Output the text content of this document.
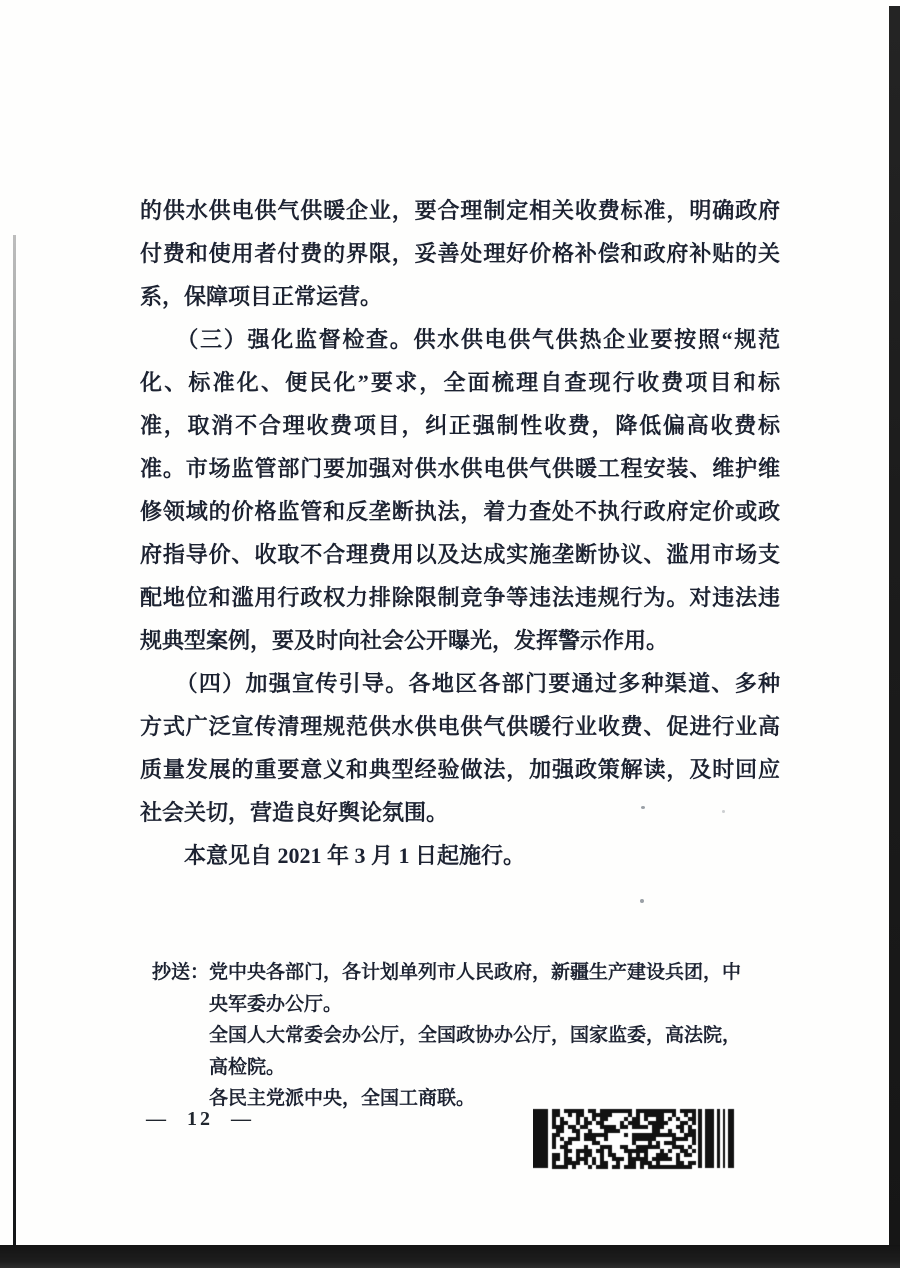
的供水供电供气供暖企业，要合理制定相关收费标准，明确政府
付费和使用者付费的界限，妥善处理好价格补偿和政府补贴的关
系，保障项目正常运营。
　　（三）强化监督检查。供水供电供气供热企业要按照“规范
化、标准化、便民化”要求，全面梳理自查现行收费项目和标
准，取消不合理收费项目，纠正强制性收费，降低偏高收费标
准。市场监管部门要加强对供水供电供气供暖工程安装、维护维
修领域的价格监管和反垄断执法，着力查处不执行政府定价或政
府指导价、收取不合理费用以及达成实施垄断协议、滥用市场支
配地位和滥用行政权力排除限制竞争等违法违规行为。对违法违
规典型案例，要及时向社会公开曝光，发挥警示作用。
　　（四）加强宣传引导。各地区各部门要通过多种渠道、多种
方式广泛宣传清理规范供水供电供气供暖行业收费、促进行业高
质量发展的重要意义和典型经验做法，加强政策解读，及时回应
社会关切，营造良好舆论氛围。
　　本意见自 2021 年 3 月 1 日起施行。
抄送：党中央各部门，各计划单列市人民政府，新疆生产建设兵团，中
央军委办公厅。
全国人大常委会办公厅，全国政协办公厅，国家监委，高法院，
高检院。
各民主党派中央，全国工商联。
— 12 —
